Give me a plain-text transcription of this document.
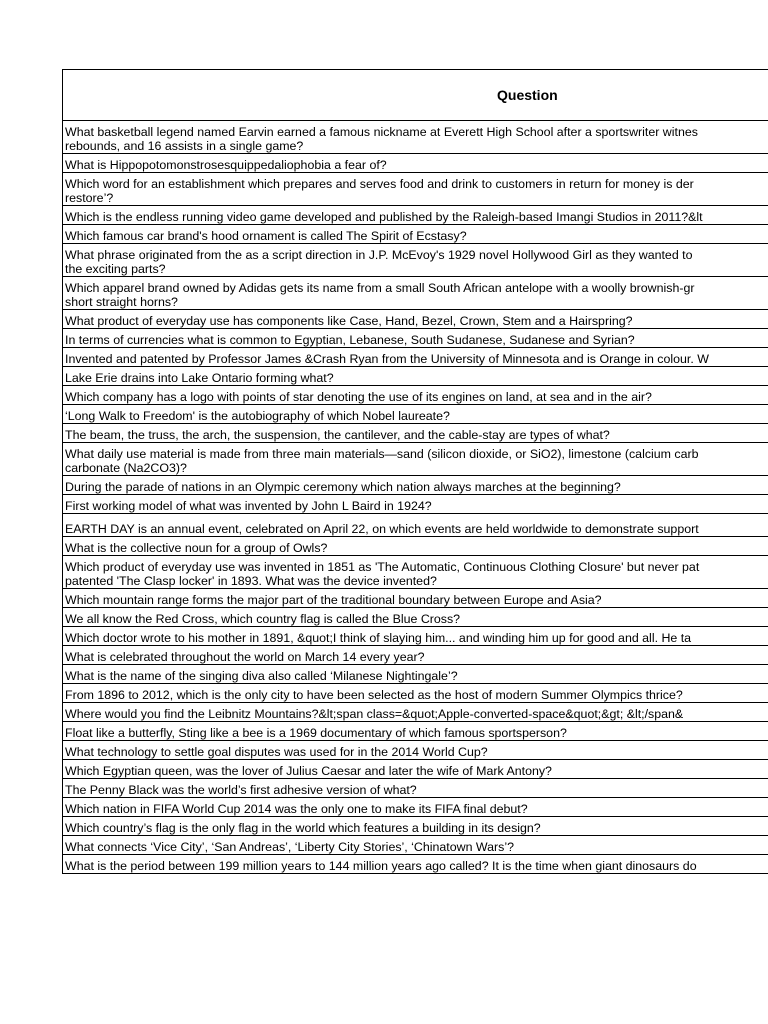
Question

What basketball legend named Earvin earned a famous nickname at Everett High School after a sportswriter witnes
rebounds, and 16 assists in a single game?

What is Hippopotomonstrosesquippedaliophobia a fear of?

Which word for an establishment which prepares and serves food and drink to customers in return for money is der
restore’?

Which is the endless running video game developed and published by the Raleigh-based Imangi Studios in 2011?&lt

Which famous car brand's hood ornament is called The Spirit of Ecstasy?

What phrase originated from the as a script direction in J.P. McEvoy's 1929 novel Hollywood Girl as they wanted to
the exciting parts?

Which apparel brand owned by Adidas gets its name from a small South African antelope with a woolly brownish-gr
short straight horns?

What product of everyday use has components like Case, Hand, Bezel, Crown, Stem and a Hairspring?

In terms of currencies what is common to Egyptian, Lebanese, South Sudanese, Sudanese and Syrian?

Invented and patented by Professor James &Crash Ryan from the University of Minnesota and is Orange in colour. W

Lake Erie drains into Lake Ontario forming what?

Which company has a logo with points of star denoting the use of its engines on land, at sea and in the air?

‘Long Walk to Freedom' is the autobiography of which Nobel laureate?

The beam, the truss, the arch, the suspension, the cantilever, and the cable-stay are types of what?

What daily use material is made from three main materials—sand (silicon dioxide, or SiO2), limestone (calcium carb
carbonate (Na2CO3)?

During the parade of nations in an Olympic ceremony which nation always marches at the beginning?

First working model of what was invented by John L Baird in 1924?

EARTH DAY is an annual event, celebrated on April 22, on which events are held worldwide to demonstrate support

What is the collective noun for a group of Owls?

Which product of everyday use was invented in 1851 as 'The Automatic, Continuous Clothing Closure' but never pat
patented 'The Clasp locker' in 1893. What was the device invented?

Which mountain range forms the major part of the traditional boundary between Europe and Asia?

We all know the Red Cross, which country flag is called the Blue Cross?

Which doctor wrote to his mother in 1891, &quot;I think of slaying him... and winding him up for good and all. He ta

What is celebrated throughout the world on March 14 every year?

What is the name of the singing diva also called ‘Milanese Nightingale’?

From 1896 to 2012, which is the only city to have been selected as the host of modern Summer Olympics thrice?

Where would you find the Leibnitz Mountains?&lt;span class=&quot;Apple-converted-space&quot;&gt; &lt;/span&

Float like a butterfly, Sting like a bee is a 1969 documentary of which famous sportsperson?

What technology to settle goal disputes was used for in the 2014 World Cup?

Which Egyptian queen, was the lover of Julius Caesar and later the wife of Mark Antony?

The Penny Black was the world’s first adhesive version of what?

Which nation in FIFA World Cup 2014 was the only one to make its FIFA final debut?

Which country’s flag is the only flag in the world which features a building in its design?

What connects ‘Vice City’, ‘San Andreas’, ‘Liberty City Stories’, ‘Chinatown Wars’?

What is the period between 199 million years to 144 million years ago called? It is the time when giant dinosaurs do
